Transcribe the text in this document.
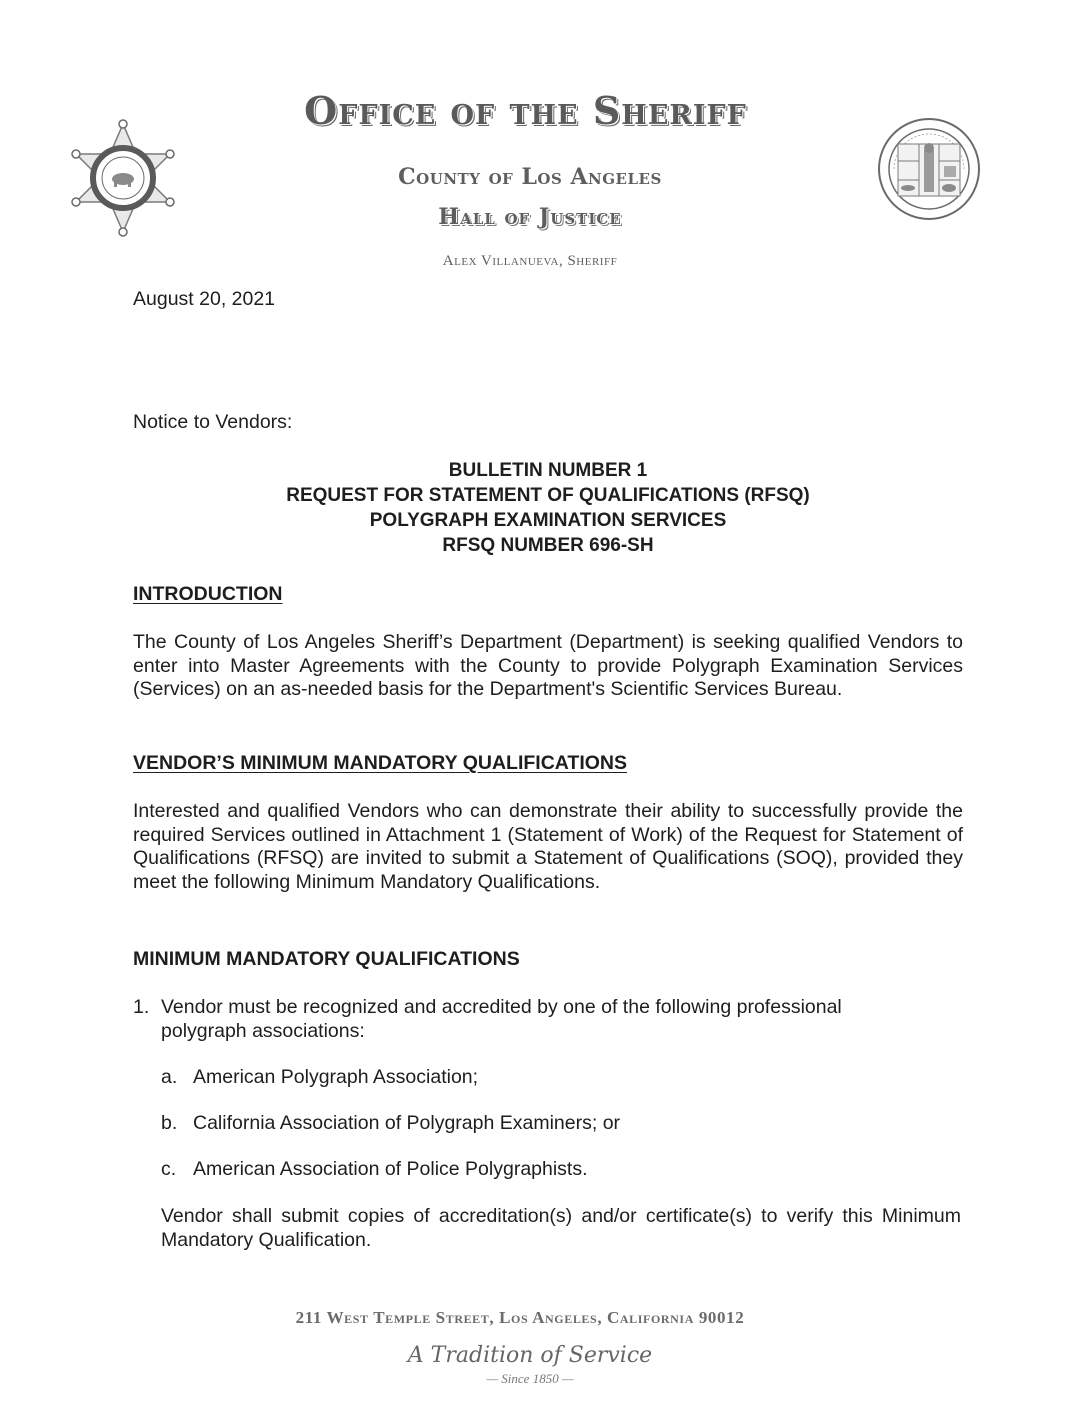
Office of the Sheriff
County of Los Angeles
Hall of Justice
Alex Villanueva, Sheriff
August 20, 2021
Notice to Vendors:
BULLETIN NUMBER 1
REQUEST FOR STATEMENT OF QUALIFICATIONS (RFSQ)
POLYGRAPH EXAMINATION SERVICES
RFSQ NUMBER 696-SH
INTRODUCTION
The County of Los Angeles Sheriff’s Department (Department) is seeking qualified Vendors to enter into Master Agreements with the County to provide Polygraph Examination Services (Services) on an as-needed basis for the Department's Scientific Services Bureau.
VENDOR’S MINIMUM MANDATORY QUALIFICATIONS
Interested and qualified Vendors who can demonstrate their ability to successfully provide the required Services outlined in Attachment 1 (Statement of Work) of the Request for Statement of Qualifications (RFSQ) are invited to submit a Statement of Qualifications (SOQ), provided they meet the following Minimum Mandatory Qualifications.
MINIMUM MANDATORY QUALIFICATIONS
1. Vendor must be recognized and accredited by one of the following professional polygraph associations:
a. American Polygraph Association;
b. California Association of Polygraph Examiners; or
c. American Association of Police Polygraphists.
Vendor shall submit copies of accreditation(s) and/or certificate(s) to verify this Minimum Mandatory Qualification.
211 West Temple Street, Los Angeles, California 90012
A Tradition of Service
— Since 1850 —
